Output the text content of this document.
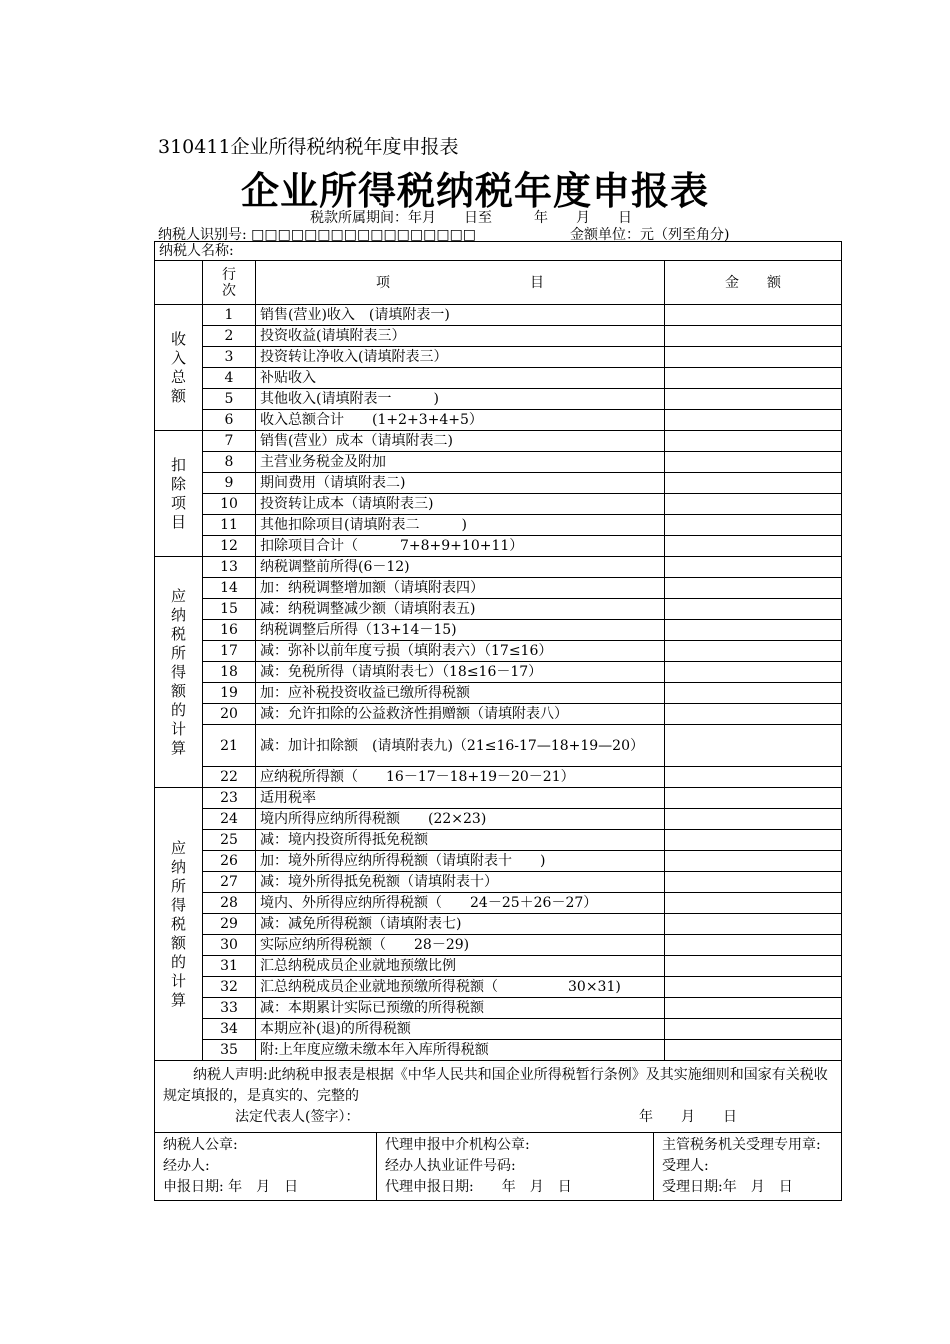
310411企业所得税纳税年度申报表
企业所得税纳税年度申报表
税款所属期间：年月　　日至　　　年　　月　　日
纳税人识别号: □□□□□□□□□□□□□□□□□	金额单位：元（列至角分)
纳税人名称:
	行次	项　　　　　　　　　　目	金　　额
收入总额	1	销售(营业)收入　(请填附表一)	
2	投资收益(请填附表三）	
3	投资转让净收入(请填附表三）	
4	补贴收入	
5	其他收入(请填附表一　　　)	
6	收入总额合计　　(1+2+3+4+5）	
扣除项目	7	销售(营业）成本（请填附表二)	
8	主营业务税金及附加	
9	期间费用（请填附表二)	
10	投资转让成本（请填附表三)	
11	其他扣除项目(请填附表二　　　)	
12	扣除项目合计（　　　7+8+9+10+11）	
应纳税所得额的计算	13	纳税调整前所得(6－12)	
14	加：纳税调整增加额（请填附表四）	
15	减：纳税调整减少额（请填附表五)	
16	纳税调整后所得（13+14－15)	
17	减：弥补以前年度亏损（填附表六）（17≤16）	
18	减：免税所得（请填附表七）（18≤16－17）	
19	加：应补税投资收益已缴所得税额	
20	减：允许扣除的公益救济性捐赠额（请填附表八）	
21	减：加计扣除额　(请填附表九)（21≤16-17—18+19—20）	
22	应纳税所得额（　　16－17－18+19－20－21）	
应纳所得税额的计算	23	适用税率	
24	境内所得应纳所得税额　　(22×23)	
25	减：境内投资所得抵免税额	
26	加：境外所得应纳所得税额（请填附表十　　)	
27	减：境外所得抵免税额（请填附表十）	
28	境内、外所得应纳所得税额（　　24－25＋26－27）	
29	减：减免所得税额（请填附表七)	
30	实际应纳所得税额（　　28－29)	
31	汇总纳税成员企业就地预缴比例	
32	汇总纳税成员企业就地预缴所得税额（　　　　　30×31)	
33	减：本期累计实际已预缴的所得税额	
34	本期应补(退)的所得税额	
35	附:上年度应缴未缴本年入库所得税额	

纳税人声明:此纳税申报表是根据《中华人民共和国企业所得税暂行条例》及其实施细则和国家有关税收规定填报的，是真实的、完整的
法定代表人(签字）：	年　　月　　日

纳税人公章:
经办人:
申报日期: 年　月　日

代理申报中介机构公章:
经办人执业证件号码:
代理申报日期:　　年　月　日

主管税务机关受理专用章:
受理人:
受理日期:年　月　日
